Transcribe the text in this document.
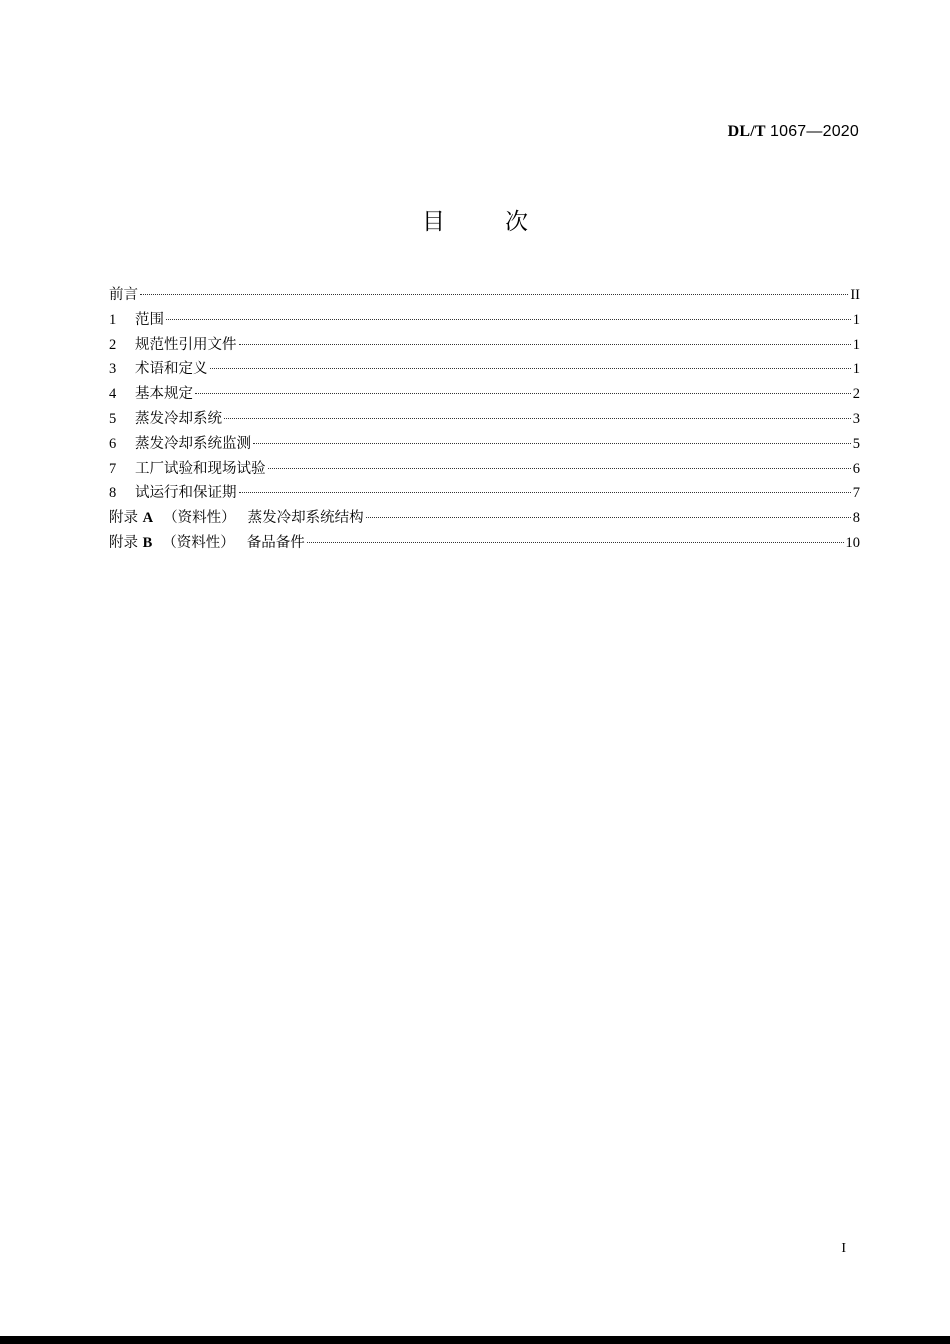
DL/T 1067—2020
目次
前言	II
1	范围	1
2	规范性引用文件	1
3	术语和定义	1
4	基本规定	2
5	蒸发冷却系统	3
6	蒸发冷却系统监测	5
7	工厂试验和现场试验	6
8	试运行和保证期	7
附录 A （资料性） 蒸发冷却系统结构	8
附录 B （资料性） 备品备件	10
I
